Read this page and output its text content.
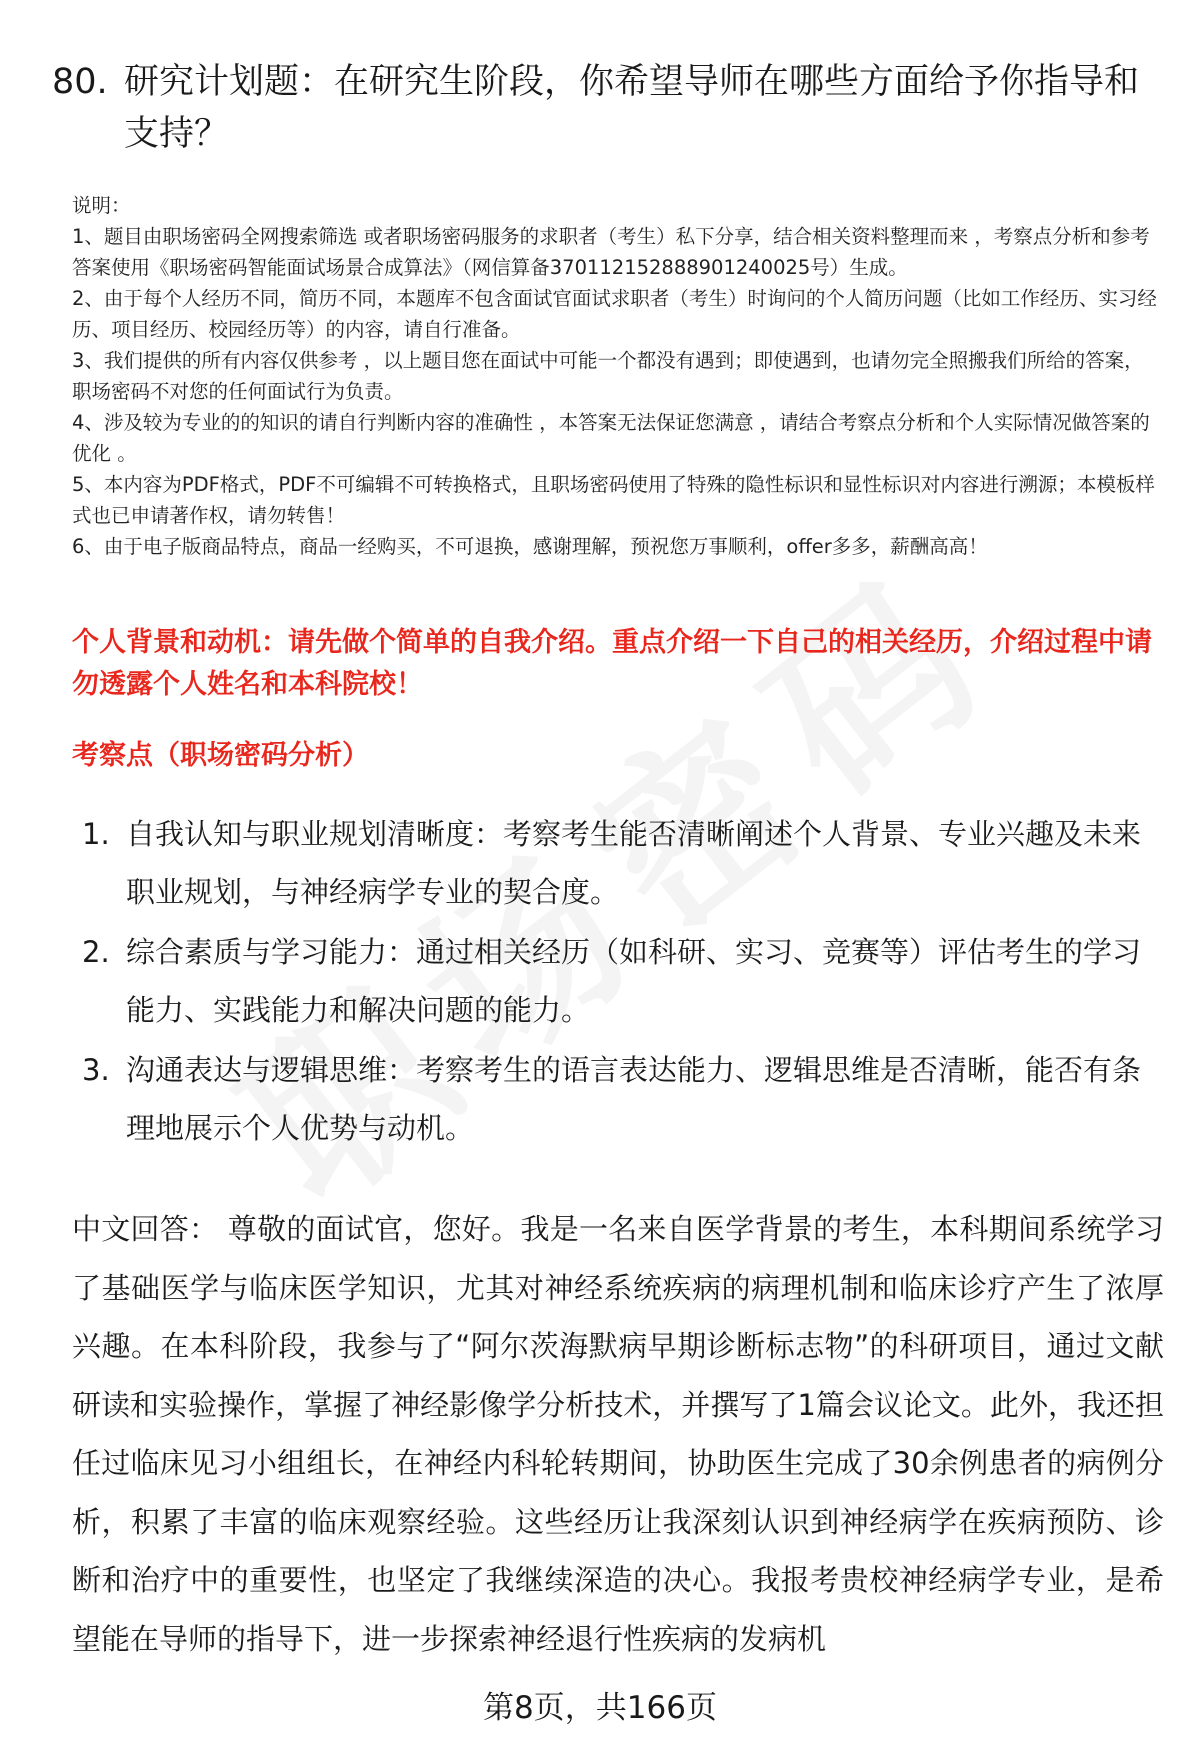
80. 研究计划题：在研究生阶段，你希望导师在哪些方面给予你指导和支持？

说明：

1、题目由职场密码全网搜索筛选 或者职场密码服务的求职者（考生）私下分享，结合相关资料整理而来 ，考察点分析和参考答案使用《职场密码智能面试场景合成算法》（网信算备370112152888901240025号）生成。

2、由于每个人经历不同，简历不同，本题库不包含面试官面试求职者（考生）时询问的个人简历问题（比如工作经历、实习经历、项目经历、校园经历等）的内容，请自行准备。

3、我们提供的所有内容仅供参考 ，以上题目您在面试中可能一个都没有遇到；即使遇到，也请勿完全照搬我们所给的答案，职场密码不对您的任何面试行为负责。

4、涉及较为专业的的知识的请自行判断内容的准确性 ，本答案无法保证您满意 ，请结合考察点分析和个人实际情况做答案的优化 。

5、本内容为PDF格式，PDF不可编辑不可转换格式，且职场密码使用了特殊的隐性标识和显性标识对内容进行溯源；本模板样式也已申请著作权，请勿转售！

6、由于电子版商品特点，商品一经购买，不可退换，感谢理解，预祝您万事顺利，offer多多，薪酬高高！

个人背景和动机：请先做个简单的自我介绍。重点介绍一下自己的相关经历，介绍过程中请勿透露个人姓名和本科院校！
考察点（职场密码分析）
1. 自我认知与职业规划清晰度：考察考生能否清晰阐述个人背景、专业兴趣及未来职业规划，与神经病学专业的契合度。
2. 综合素质与学习能力：通过相关经历（如科研、实习、竞赛等）评估考生的学习能力、实践能力和解决问题的能力。
3. 沟通表达与逻辑思维：考察考生的语言表达能力、逻辑思维是否清晰，能否有条理地展示个人优势与动机。

中文回答： 尊敬的面试官，您好。我是一名来自医学背景的考生，本科期间系统学习了基础医学与临床医学知识，尤其对神经系统疾病的病理机制和临床诊疗产生了浓厚兴趣。在本科阶段，我参与了“阿尔茨海默病早期诊断标志物”的科研项目，通过文献研读和实验操作，掌握了神经影像学分析技术，并撰写了1篇会议论文。此外，我还担任过临床见习小组组长，在神经内科轮转期间，协助医生完成了30余例患者的病例分析，积累了丰富的临床观察经验。这些经历让我深刻认识到神经病学在疾病预防、诊断和治疗中的重要性，也坚定了我继续深造的决心。我报考贵校神经病学专业，是希望能在导师的指导下，进一步探索神经退行性疾病的发病机

第8页，共166页
